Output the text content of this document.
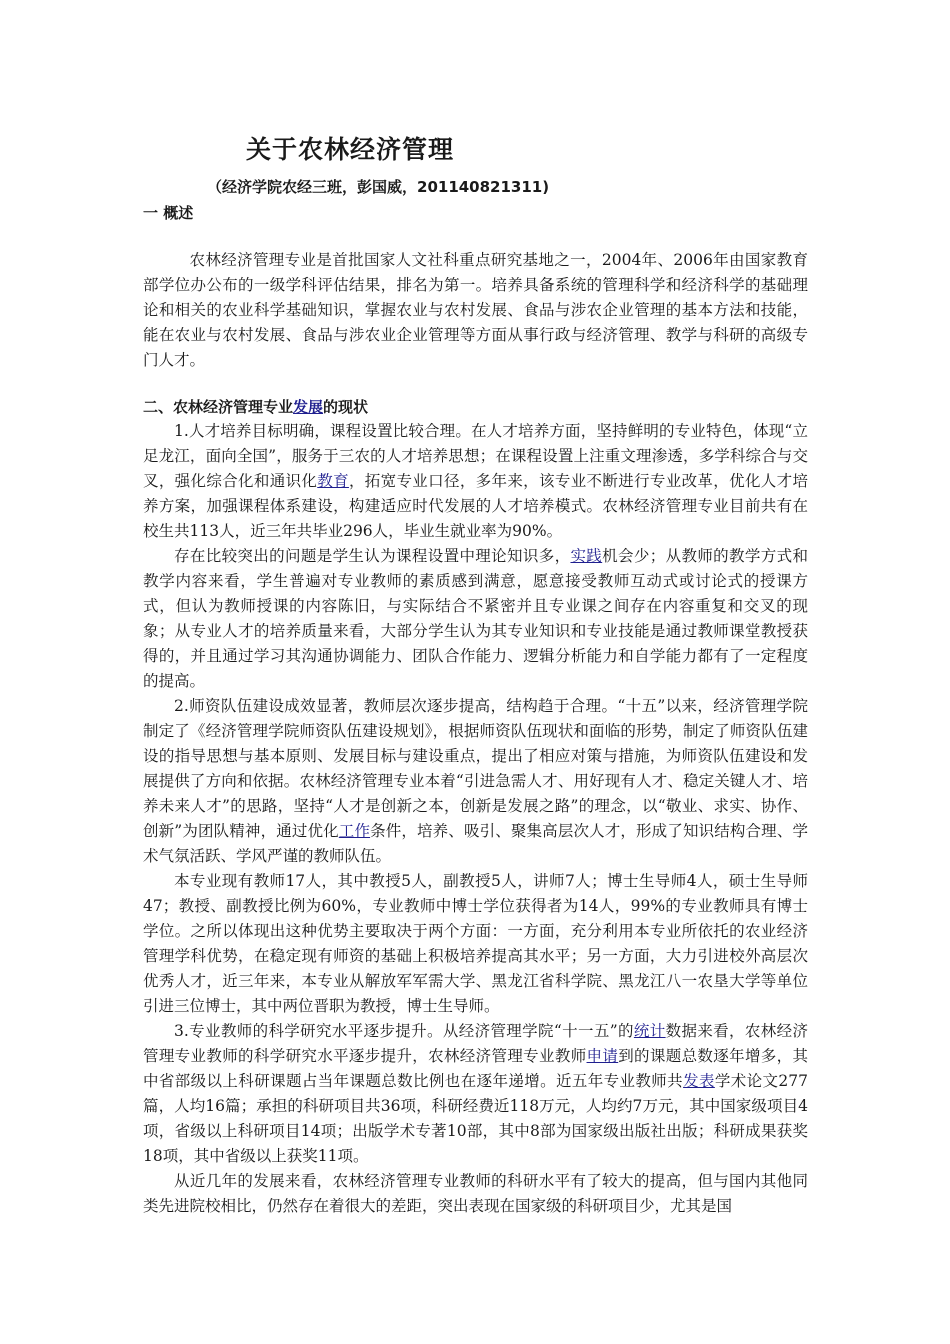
关于农林经济管理
（经济学院农经三班，彭国威，201140821311)
一 概述

农林经济管理专业是首批国家人文社科重点研究基地之一，2004年、2006年由国家教育部学位办公布的一级学科评估结果，排名为第一。培养具备系统的管理科学和经济科学的基础理论和相关的农业科学基础知识，掌握农业与农村发展、食品与涉农企业管理的基本方法和技能，能在农业与农村发展、食品与涉农业企业管理等方面从事行政与经济管理、教学与科研的高级专门人才。

二、农林经济管理专业发展的现状

1.人才培养目标明确，课程设置比较合理。在人才培养方面，坚持鲜明的专业特色，体现“立足龙江，面向全国”，服务于三农的人才培养思想；在课程设置上注重文理渗透，多学科综合与交叉，强化综合化和通识化教育，拓宽专业口径，多年来，该专业不断进行专业改革，优化人才培养方案，加强课程体系建设，构建适应时代发展的人才培养模式。农林经济管理专业目前共有在校生共113人，近三年共毕业296人，毕业生就业率为90%。

存在比较突出的问题是学生认为课程设置中理论知识多，实践机会少；从教师的教学方式和教学内容来看，学生普遍对专业教师的素质感到满意，愿意接受教师互动式或讨论式的授课方式，但认为教师授课的内容陈旧，与实际结合不紧密并且专业课之间存在内容重复和交叉的现象；从专业人才的培养质量来看，大部分学生认为其专业知识和专业技能是通过教师课堂教授获得的，并且通过学习其沟通协调能力、团队合作能力、逻辑分析能力和自学能力都有了一定程度的提高。

2.师资队伍建设成效显著，教师层次逐步提高，结构趋于合理。“十五”以来，经济管理学院制定了《经济管理学院师资队伍建设规划》，根据师资队伍现状和面临的形势，制定了师资队伍建设的指导思想与基本原则、发展目标与建设重点，提出了相应对策与措施，为师资队伍建设和发展提供了方向和依据。农林经济管理专业本着“引进急需人才、用好现有人才、稳定关键人才、培养未来人才”的思路，坚持“人才是创新之本，创新是发展之路”的理念，以“敬业、求实、协作、创新”为团队精神，通过优化工作条件，培养、吸引、聚集高层次人才，形成了知识结构合理、学术气氛活跃、学风严谨的教师队伍。

本专业现有教师17人，其中教授5人，副教授5人，讲师7人；博士生导师4人，硕士生导师47；教授、副教授比例为60%，专业教师中博士学位获得者为14人，99%的专业教师具有博士学位。之所以体现出这种优势主要取决于两个方面：一方面，充分利用本专业所依托的农业经济管理学科优势，在稳定现有师资的基础上积极培养提高其水平；另一方面，大力引进校外高层次优秀人才，近三年来，本专业从解放军军需大学、黑龙江省科学院、黑龙江八一农垦大学等单位引进三位博士，其中两位晋职为教授，博士生导师。

3.专业教师的科学研究水平逐步提升。从经济管理学院“十一五”的统计数据来看，农林经济管理专业教师的科学研究水平逐步提升，农林经济管理专业教师申请到的课题总数逐年增多，其中省部级以上科研课题占当年课题总数比例也在逐年递增。近五年专业教师共发表学术论文277篇，人均16篇；承担的科研项目共36项，科研经费近118万元，人均约7万元，其中国家级项目4项，省级以上科研项目14项；出版学术专著10部，其中8部为国家级出版社出版；科研成果获奖18项，其中省级以上获奖11项。

从近几年的发展来看，农林经济管理专业教师的科研水平有了较大的提高，但与国内其他同类先进院校相比，仍然存在着很大的差距，突出表现在国家级的科研项目少，尤其是国
